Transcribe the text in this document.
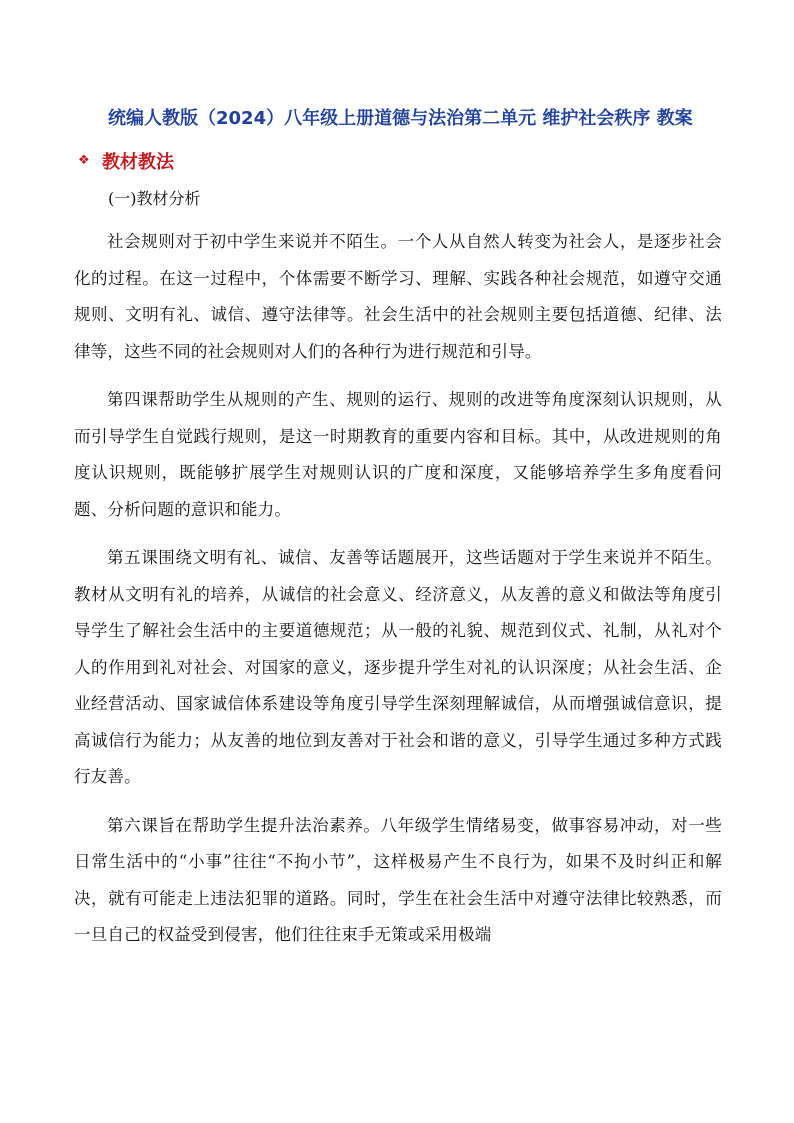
统编人教版（2024）八年级上册道德与法治第二单元 维护社会秩序 教案
❖ 教材教法

(一)教材分析

社会规则对于初中学生来说并不陌生。一个人从自然人转变为社会人，是逐步社会化的过程。在这一过程中，个体需要不断学习、理解、实践各种社会规范，如遵守交通规则、文明有礼、诚信、遵守法律等。社会生活中的社会规则主要包括道德、纪律、法律等，这些不同的社会规则对人们的各种行为进行规范和引导。

第四课帮助学生从规则的产生、规则的运行、规则的改进等角度深刻认识规则，从而引导学生自觉践行规则，是这一时期教育的重要内容和目标。其中，从改进规则的角度认识规则，既能够扩展学生对规则认识的广度和深度，又能够培养学生多角度看问题、分析问题的意识和能力。

第五课围绕文明有礼、诚信、友善等话题展开，这些话题对于学生来说并不陌生。教材从文明有礼的培养，从诚信的社会意义、经济意义，从友善的意义和做法等角度引导学生了解社会生活中的主要道德规范；从一般的礼貌、规范到仪式、礼制，从礼对个人的作用到礼对社会、对国家的意义，逐步提升学生对礼的认识深度；从社会生活、企业经营活动、国家诚信体系建设等角度引导学生深刻理解诚信，从而增强诚信意识，提高诚信行为能力；从友善的地位到友善对于社会和谐的意义，引导学生通过多种方式践行友善。

第六课旨在帮助学生提升法治素养。八年级学生情绪易变，做事容易冲动，对一些日常生活中的“小事”往往“不拘小节”，这样极易产生不良行为，如果不及时纠正和解决，就有可能走上违法犯罪的道路。同时，学生在社会生活中对遵守法律比较熟悉，而一旦自己的权益受到侵害，他们往往束手无策或采用极端
